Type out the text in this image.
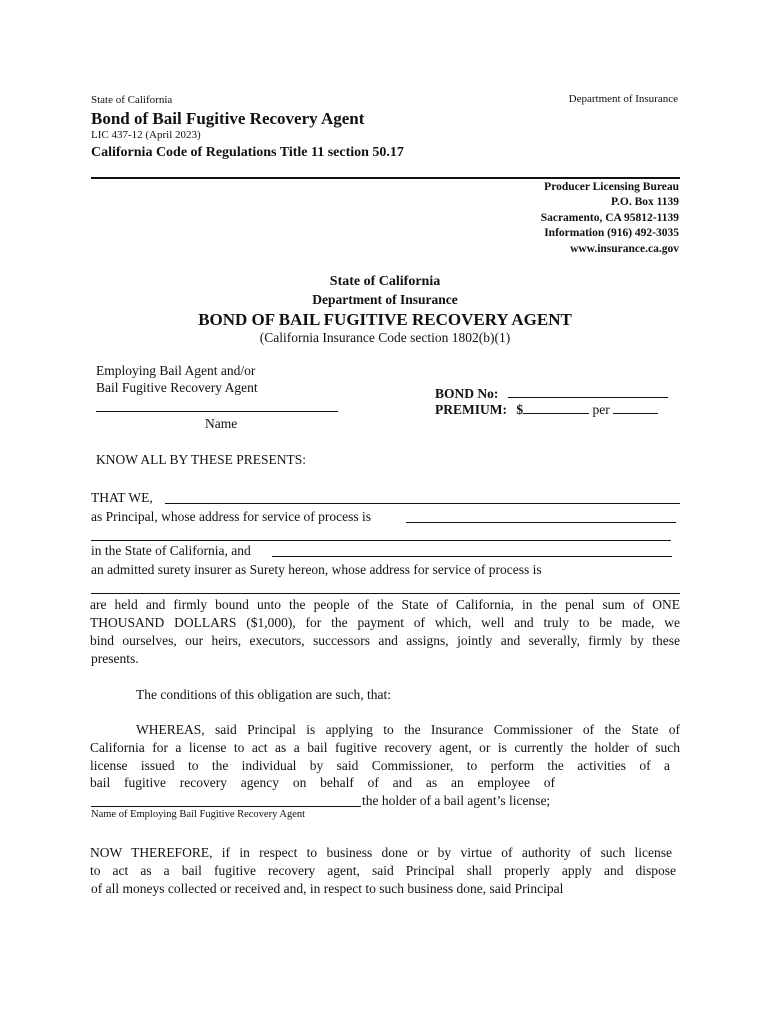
State of California	Department of Insurance
Bond of Bail Fugitive Recovery Agent
LIC 437-12 (April 2023)
California Code of Regulations Title 11 section 50.17
Producer Licensing Bureau
P.O. Box 1139
Sacramento, CA 95812-1139
Information (916) 492-3035
www.insurance.ca.gov
State of California
Department of Insurance
BOND OF BAIL FUGITIVE RECOVERY AGENT
(California Insurance Code section 1802(b)(1)
Employing Bail Agent and/or
Bail Fugitive Recovery Agent
Name
BOND No:
PREMIUM: $	per
KNOW ALL BY THESE PRESENTS:
THAT WE,
as Principal, whose address for service of process is
in the State of California, and
an admitted surety insurer as Surety hereon, whose address for service of process is
are held and firmly bound unto the people of the State of California, in the penal sum of ONE
THOUSAND DOLLARS ($1,000), for the payment of which, well and truly to be made, we
bind ourselves, our heirs, executors, successors and assigns, jointly and severally, firmly by these
presents.
The conditions of this obligation are such, that:
WHEREAS, said Principal is applying to the Insurance Commissioner of the State of
California for a license to act as a bail fugitive recovery agent, or is currently the holder of such
license issued to the individual by said Commissioner, to perform the activities of a
bail fugitive recovery agency on behalf of and as an employee of
the holder of a bail agent’s license;
Name of Employing Bail Fugitive Recovery Agent
NOW THEREFORE, if in respect to business done or by virtue of authority of such license
to act as a bail fugitive recovery agent, said Principal shall properly apply and dispose
of all moneys collected or received and, in respect to such business done, said Principal
